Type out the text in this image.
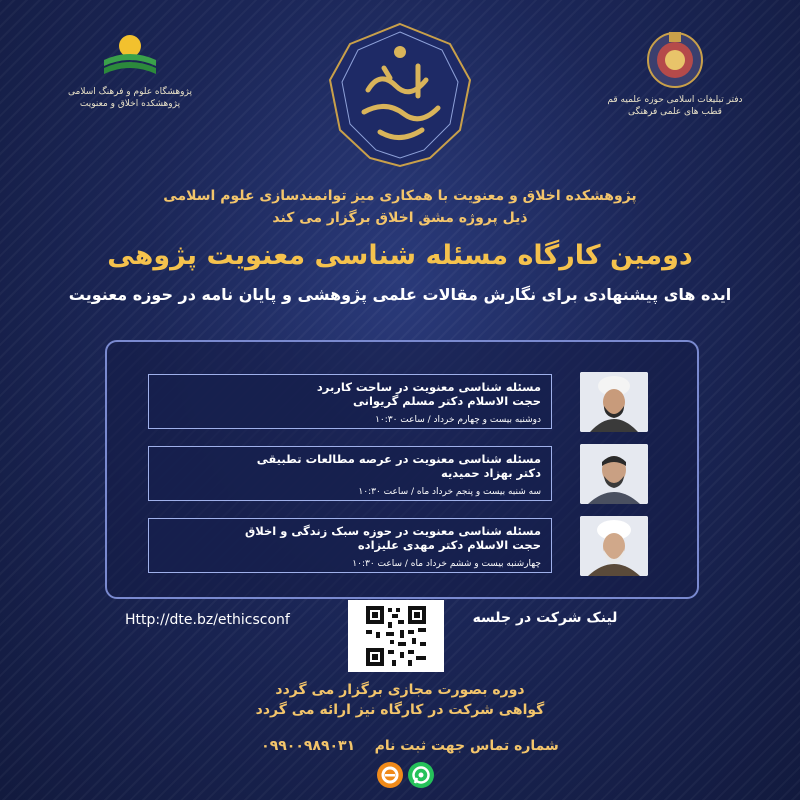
پژوهشگاه علوم و فرهنگ اسلامی
پژوهشکده اخلاق و معنویت	دفتر تبلیغات اسلامی حوزه علمیه قم
قطب های علمی فرهنگی
پژوهشکده اخلاق و معنویت با همکاری میز توانمندسازی علوم اسلامی
ذیل پروژه مشق اخلاق برگزار می کند
دومین کارگاه مسئله شناسی معنویت پژوهی
ایده های پیشنهادی برای نگارش مقالات علمی پژوهشی و پایان نامه در حوزه معنویت
مسئله شناسی معنویت در ساحت کاربرد
حجت الاسلام دکتر مسلم گریوانی
دوشنبه بیست و چهارم خرداد / ساعت ۱۰:۳۰
مسئله شناسی معنویت در عرصه مطالعات تطبیقی
دکتر بهزاد حمیدیه
سه شنبه بیست و پنجم خرداد ماه / ساعت ۱۰:۳۰
مسئله شناسی معنویت در حوزه سبک زندگی و اخلاق
حجت الاسلام دکتر مهدی علیزاده
چهارشنبه بیست و ششم خرداد ماه / ساعت ۱۰:۳۰
Http://dte.bz/ethicsconf	لینک شرکت در جلسه
دوره بصورت مجازی برگزار می گردد
گواهی شرکت در کارگاه نیز ارائه می گردد
شماره تماس جهت ثبت نام    ۰۹۹۰۰۹۸۹۰۳۱
